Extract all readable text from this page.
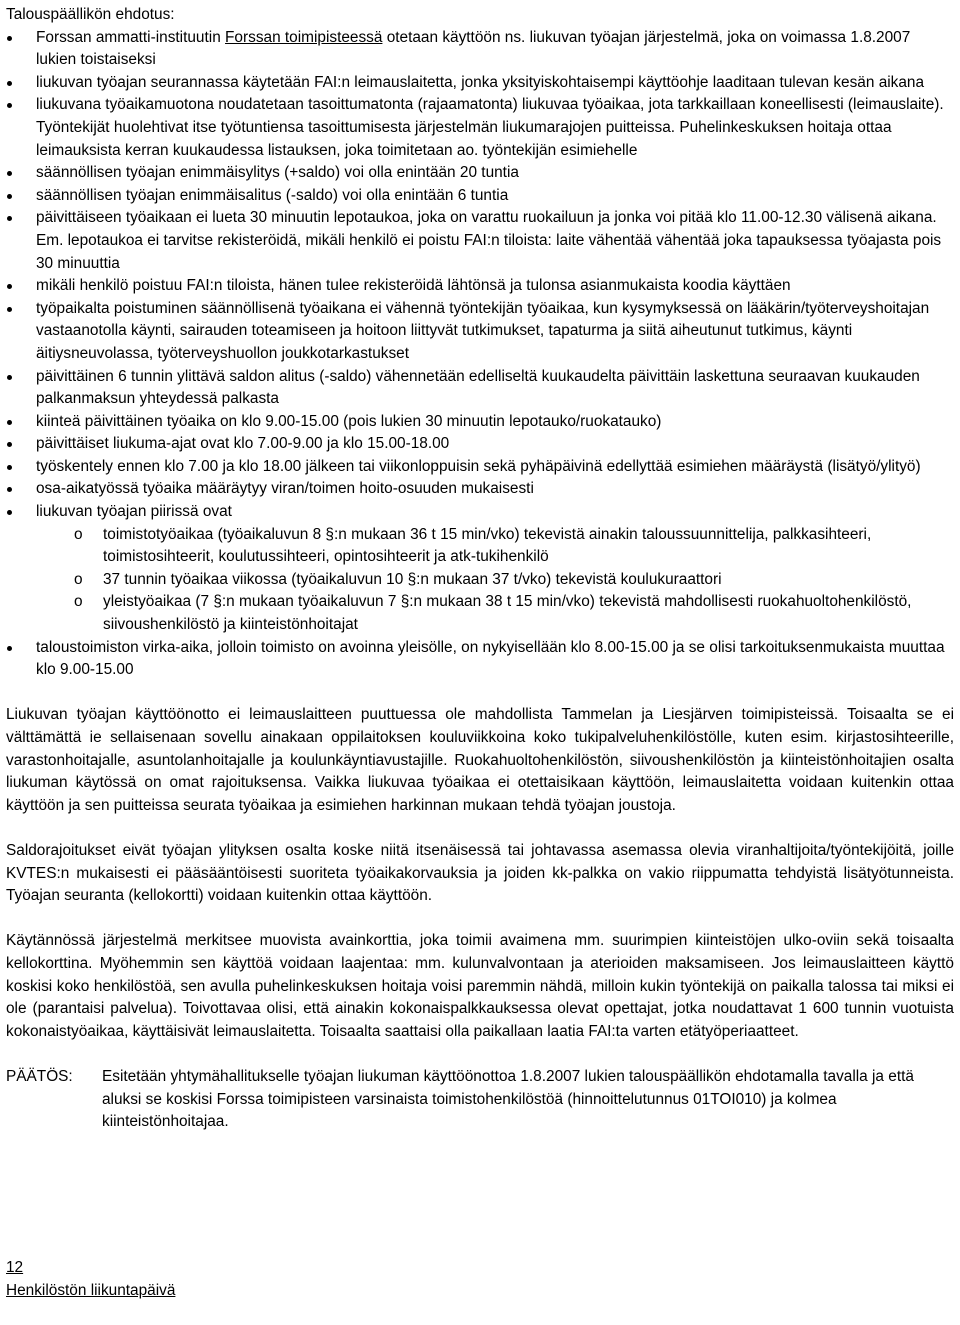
Talouspäällikön ehdotus:
Forssan ammatti-instituutin Forssan toimipisteessä otetaan käyttöön ns. liukuvan työajan järjestelmä, joka on voimassa 1.8.2007 lukien toistaiseksi
liukuvan työajan seurannassa käytetään FAI:n leimauslaitetta, jonka yksityiskohtaisempi käyttöohje laaditaan tulevan kesän aikana
liukuvana työaikamuotona noudatetaan tasoittumatonta (rajaamatonta) liukuvaa työaikaa, jota tarkkaillaan koneellisesti (leimauslaite). Työntekijät huolehtivat itse työtuntiensa tasoittumisesta järjestelmän liukumarajojen puitteissa. Puhelinkeskuksen hoitaja ottaa leimauksista kerran kuukaudessa listauksen, joka toimitetaan ao. työntekijän esimiehelle
säännöllisen työajan enimmäisylitys (+saldo) voi olla enintään 20 tuntia
säännöllisen työajan enimmäisalitus (-saldo) voi olla enintään 6 tuntia
päivittäiseen työaikaan ei lueta 30 minuutin lepotaukoa, joka on varattu ruokailuun ja jonka voi pitää klo 11.00-12.30 välisenä aikana. Em. lepotaukoa ei tarvitse rekisteröidä, mikäli henkilö ei poistu FAI:n tiloista: laite vähentää vähentää joka tapauksessa työajasta pois 30 minuuttia
mikäli henkilö poistuu FAI:n tiloista, hänen tulee rekisteröidä lähtönsä ja tulonsa asianmukaista koodia käyttäen
työpaikalta poistuminen säännöllisenä työaikana ei vähennä työntekijän työaikaa, kun kysymyksessä on lääkärin/työterveyshoitajan vastaanotolla käynti, sairauden toteamiseen ja hoitoon liittyvät tutkimukset, tapaturma ja siitä aiheutunut tutkimus, käynti äitiysneuvolassa, työterveyshuollon joukkotarkastukset
päivittäinen 6 tunnin ylittävä saldon alitus (-saldo) vähennetään edelliseltä kuukaudelta päivittäin laskettuna seuraavan kuukauden palkanmaksun yhteydessä palkasta
kiinteä päivittäinen työaika on klo 9.00-15.00 (pois lukien 30 minuutin lepotauko/ruokatauko)
päivittäiset liukuma-ajat ovat klo 7.00-9.00 ja klo 15.00-18.00
työskentely ennen klo 7.00 ja klo 18.00 jälkeen tai viikonloppuisin sekä pyhäpäivinä edellyttää esimiehen määräystä (lisätyö/ylityö)
osa-aikatyössä työaika määräytyy viran/toimen hoito-osuuden mukaisesti
liukuvan työajan piirissä ovat
o toimistotyöaikaa (työaikaluvun 8 §:n mukaan 36 t 15 min/vko) tekevistä ainakin taloussuunnittelija, palkkasihteeri, toimistosihteerit, koulutussihteeri, opintosihteerit ja atk-tukihenkilö
o 37 tunnin työaikaa viikossa (työaikaluvun 10 §:n mukaan 37 t/vko) tekevistä koulukuraattori
o yleistyöaikaa (7 §:n mukaan työaikaluvun 7 §:n mukaan 38 t 15 min/vko) tekevistä mahdollisesti ruokahuoltohenkilöstö, siivoushenkilöstö ja kiinteistönhoitajat
taloustoimiston virka-aika, jolloin toimisto on avoinna yleisölle, on nykyisellään klo 8.00-15.00 ja se olisi tarkoituksenmukaista muuttaa klo 9.00-15.00

Liukuvan työajan käyttöönotto ei leimauslaitteen puuttuessa ole mahdollista Tammelan ja Liesjärven toimipisteissä. Toisaalta se ei välttämättä ie sellaisenaan sovellu ainakaan oppilaitoksen kouluviikkoina koko tukipalveluhenkilöstölle, kuten esim. kirjastosihteerille, varastonhoitajalle, asuntolanhoitajalle ja koulunkäyntiavustajille. Ruokahuoltohenkilöstön, siivoushenkilöstön ja kiinteistönhoitajien osalta liukuman käytössä on omat rajoituksensa. Vaikka liukuvaa työaikaa ei otettaisikaan käyttöön, leimauslaitetta voidaan kuitenkin ottaa käyttöön ja sen puitteissa seurata työaikaa ja esimiehen harkinnan mukaan tehdä työajan joustoja.

Saldorajoitukset eivät työajan ylityksen osalta koske niitä itsenäisessä tai johtavassa asemassa olevia viranhaltijoita/työntekijöitä, joille KVTES:n mukaisesti ei pääsääntöisesti suoriteta työaikakorvauksia ja joiden kk-palkka on vakio riippumatta tehdyistä lisätyötunneista. Työajan seuranta (kellokortti) voidaan kuitenkin ottaa käyttöön.

Käytännössä järjestelmä merkitsee muovista avainkorttia, joka toimii avaimena mm. suurimpien kiinteistöjen ulko-oviin sekä toisaalta kellokorttina. Myöhemmin sen käyttöä voidaan laajentaa: mm. kulunvalvontaan ja aterioiden maksamiseen. Jos leimauslaitteen käyttö koskisi koko henkilöstöä, sen avulla puhelinkeskuksen hoitaja voisi paremmin nähdä, milloin kukin työntekijä on paikalla talossa tai miksi ei ole (parantaisi palvelua). Toivottavaa olisi, että ainakin kokonaispalkkauksessa olevat opettajat, jotka noudattavat 1 600 tunnin vuotuista kokonaistyöaikaa, käyttäisivät leimauslaitetta. Toisaalta saattaisi olla paikallaan laatia FAI:ta varten etätyöperiaatteet.

PÄÄTÖS: Esitetään yhtymähallitukselle työajan liukuman käyttöönottoa 1.8.2007 lukien talouspäällikön ehdotamalla tavalla ja että aluksi se koskisi Forssa toimipisteen varsinaista toimistohenkilöstöä (hinnoittelutunnus 01TOI010) ja kolmea kiinteistönhoitajaa.
12
Henkilöstön liikuntapäivä
